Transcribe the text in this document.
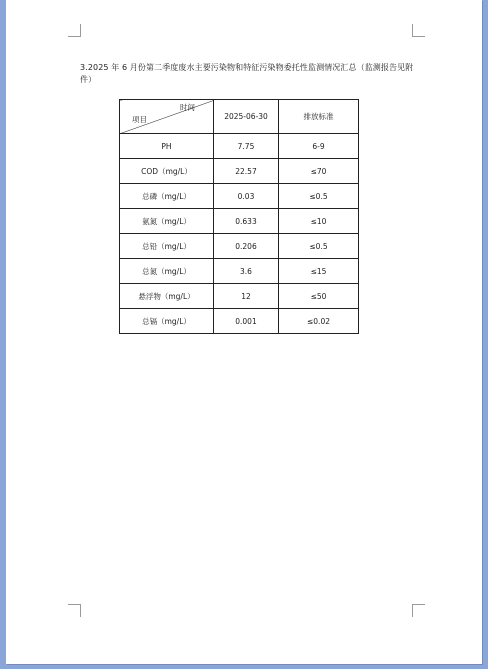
3.2025 年 6 月份第二季度废水主要污染物和特征污染物委托性监测情况汇总（监测报告见附件）
时间
项目	2025-06-30	排放标准
PH	7.75	6-9
COD（mg/L）	22.57	≤70
总磷（mg/L）	0.03	≤0.5
氨氮（mg/L）	0.633	≤10
总铅（mg/L）	0.206	≤0.5
总氮（mg/L）	3.6	≤15
悬浮物（mg/L）	12	≤50
总镉（mg/L）	0.001	≤0.02
